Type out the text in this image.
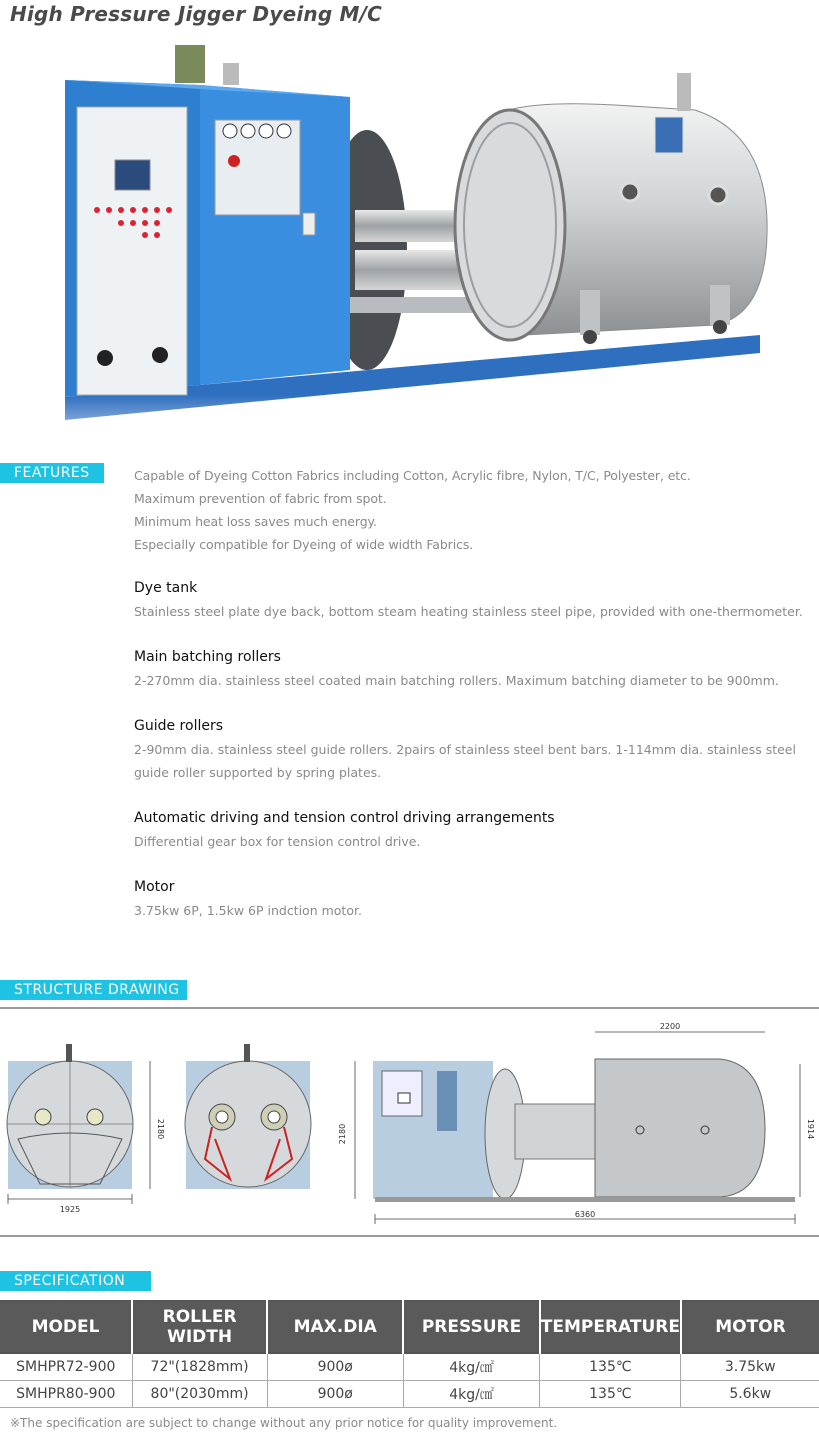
High Pressure Jigger Dyeing M/C
FEATURES	Capable of Dyeing Cotton Fabrics including Cotton, Acrylic fibre, Nylon, T/C, Polyester, etc.
Maximum prevention of fabric from spot.
Minimum heat loss saves much energy.
Especially compatible for Dyeing of wide width Fabrics.
Dye tank

Stainless steel plate dye back, bottom steam heating stainless steel pipe, provided with one-thermometer.

Main batching rollers

2-270mm dia. stainless steel coated main batching rollers. Maximum batching diameter to be 900mm.

Guide rollers

2-90mm dia. stainless steel guide rollers. 2pairs of stainless steel bent bars. 1-114mm dia. stainless steel guide roller supported by spring plates.

Automatic driving and tension control driving arrangements

Differential gear box for tension control drive.

Motor

3.75kw 6P, 1.5kw 6P indction motor.

STRUCTURE DRAWING
1925
2180
6360
2200
2180	1914
SPECIFICATION
MODEL	ROLLER WIDTH	MAX.DIA	PRESSURE	TEMPERATURE	MOTOR
SMHPR72-900	72"(1828mm)	900ø	4kg/㎠	135℃	3.75kw
SMHPR80-900	80"(2030mm)	900ø	4kg/㎠	135℃	5.6kw
※The specification are subject to change without any prior notice for quality improvement.
